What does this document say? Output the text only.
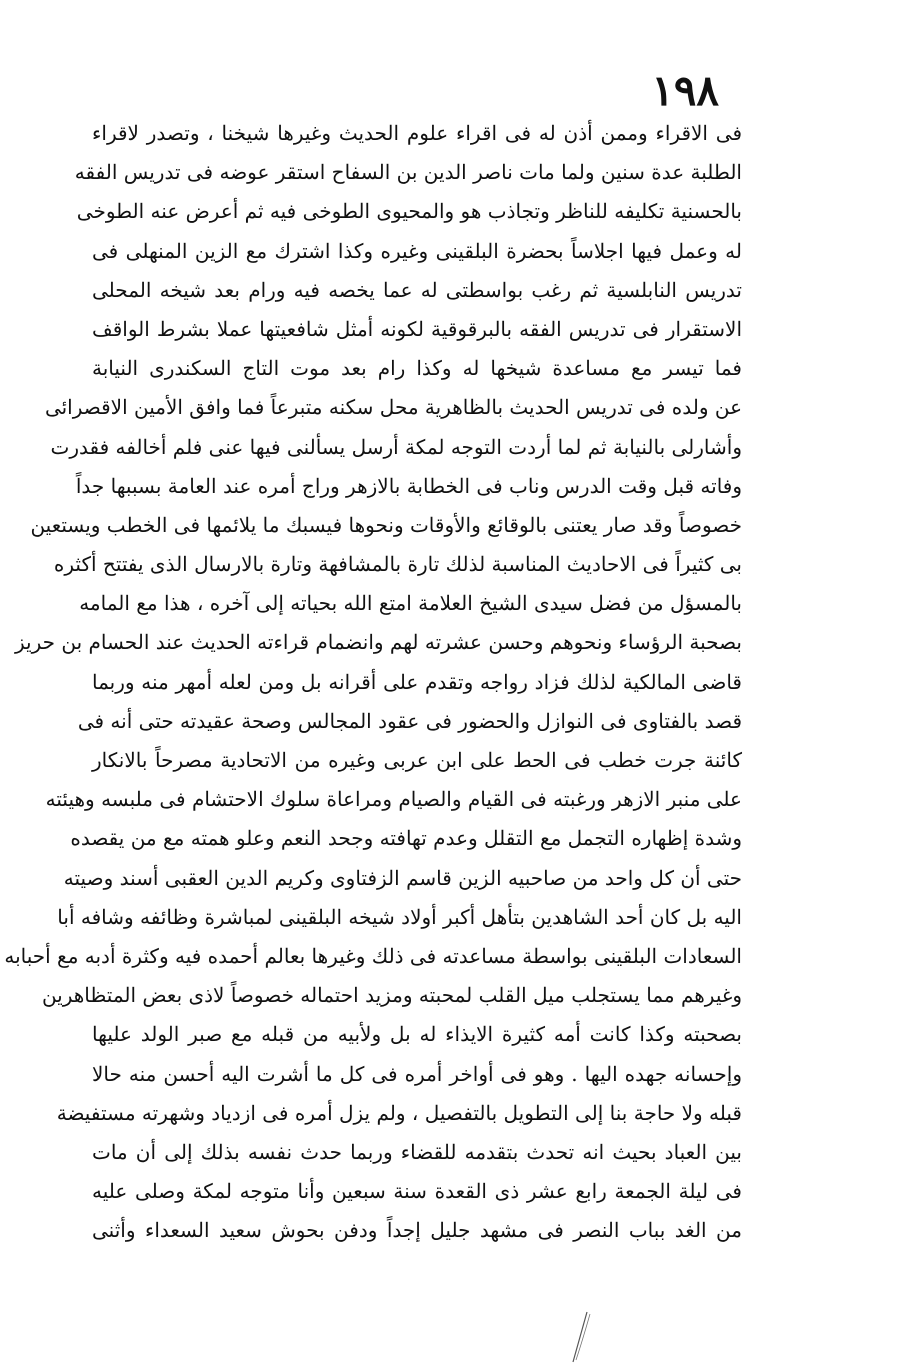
١٩٨
فى الاقراء وممن أذن له فى اقراء علوم الحديث وغيرها شيخنا ، وتصدر لاقراء
الطلبة عدة سنين ولما مات ناصر الدين بن السفاح استقر عوضه فى تدريس الفقه
بالحسنية تكليفه للناظر وتجاذب هو والمحيوى الطوخى فيه ثم أعرض عنه الطوخى
له وعمل فيها اجلاساً بحضرة البلقينى وغيره وكذا اشترك مع الزين المنهلى فى
تدريس النابلسية ثم رغب بواسطتى له عما يخصه فيه ورام بعد شيخه المحلى
الاستقرار فى تدريس الفقه بالبرقوقية لكونه أمثل شافعيتها عملا بشرط الواقف
فما تيسر مع مساعدة شيخها له وكذا رام بعد موت التاج السكندرى النيابة
عن ولده فى تدريس الحديث بالظاهرية محل سكنه متبرعاً فما وافق الأمين الاقصرائى
وأشارلى بالنيابة ثم لما أردت التوجه لمكة أرسل يسألنى فيها عنى فلم أخالفه فقدرت
وفاته قبل وقت الدرس وناب فى الخطابة بالازهر وراج أمره عند العامة بسببها جداً
خصوصاً وقد صار يعتنى بالوقائع والأوقات ونحوها فيسبك ما يلائمها فى الخطب ويستعين
بى كثيراً فى الاحاديث المناسبة لذلك تارة بالمشافهة وتارة بالارسال الذى يفتتح أكثره
بالمسؤل من فضل سيدى الشيخ العلامة امتع الله بحياته إلى آخره ، هذا مع المامه
بصحبة الرؤساء ونحوهم وحسن عشرته لهم وانضمام قراءته الحديث عند الحسام بن حريز
قاضى المالكية لذلك فزاد رواجه وتقدم على أقرانه بل ومن لعله أمهر منه وربما
قصد بالفتاوى فى النوازل والحضور فى عقود المجالس وصحة عقيدته حتى أنه فى
كائنة جرت خطب فى الحط على ابن عربى وغيره من الاتحادية مصرحاً بالانكار
على منبر الازهر ورغبته فى القيام والصيام ومراعاة سلوك الاحتشام فى ملبسه وهيئته
وشدة إظهاره التجمل مع التقلل وعدم تهافته وجحد النعم وعلو همته مع من يقصده
حتى أن كل واحد من صاحبيه الزين قاسم الزفتاوى وكريم الدين العقبى أسند وصيته
اليه بل كان أحد الشاهدين بتأهل أكبر أولاد شيخه البلقينى لمباشرة وظائفه وشافه أبا
السعادات البلقينى بواسطة مساعدته فى ذلك وغيرها بعالم أحمده فيه وكثرة أدبه مع أحبابه
وغيرهم مما يستجلب ميل القلب لمحبته ومزيد احتماله خصوصاً لاذى بعض المتظاهرين
بصحبته وكذا كانت أمه كثيرة الايذاء له بل ولأبيه من قبله مع صبر الولد عليها
وإحسانه جهده اليها . وهو فى أواخر أمره فى كل ما أشرت اليه أحسن منه حالا
قبله ولا حاجة بنا إلى التطويل بالتفصيل ، ولم يزل أمره فى ازدياد وشهرته مستفيضة
بين العباد بحيث انه تحدث بتقدمه للقضاء وربما حدث نفسه بذلك إلى أن مات
فى ليلة الجمعة رابع عشر ذى القعدة سنة سبعين وأنا متوجه لمكة وصلى عليه
من الغد بباب النصر فى مشهد جليل إجداً ودفن بحوش سعيد السعداء وأثنى
